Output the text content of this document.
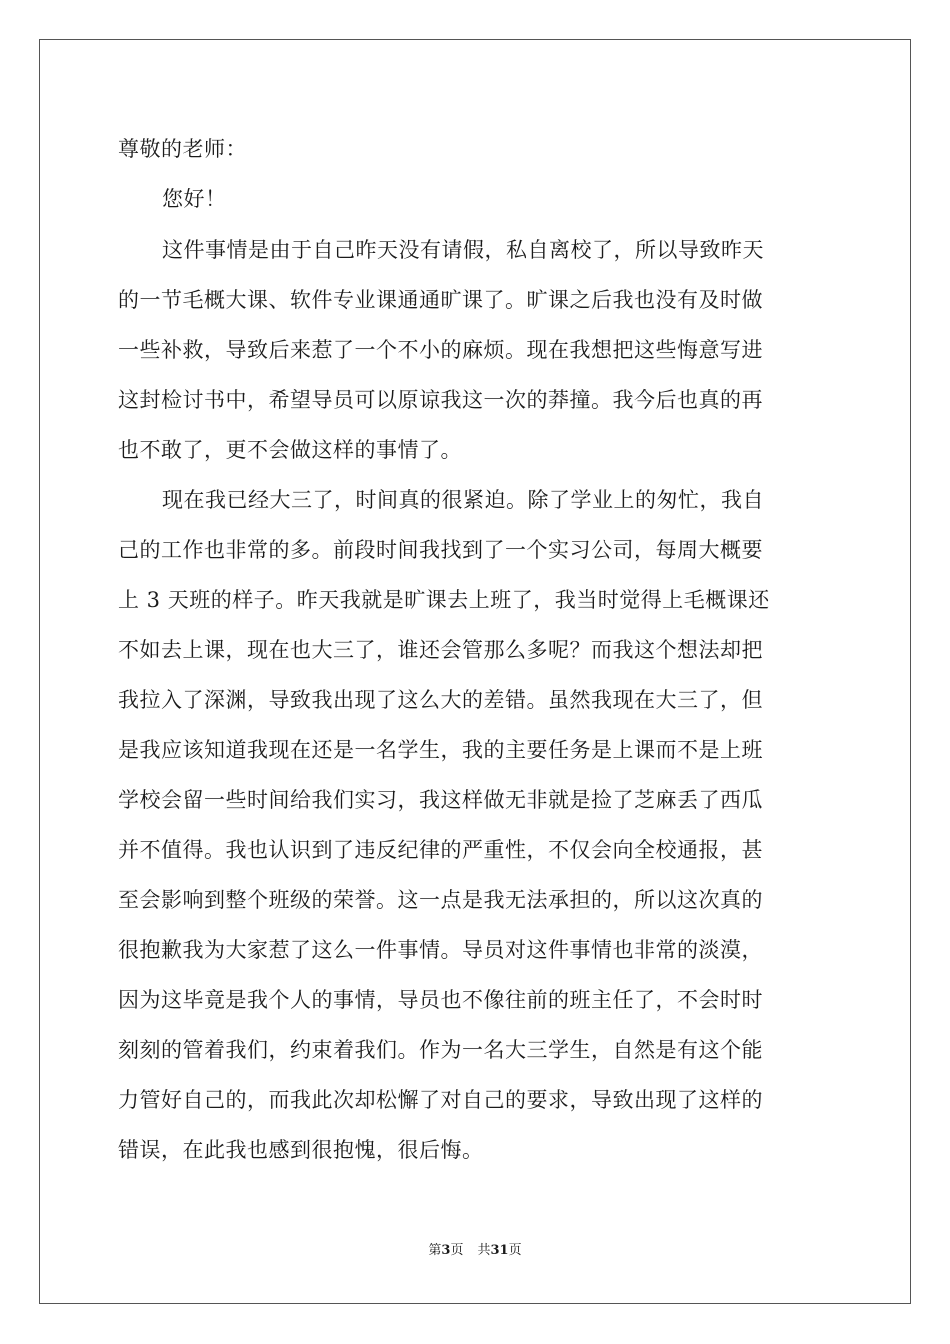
尊敬的老师：
您好！
这件事情是由于自己昨天没有请假，私自离校了，所以导致昨天
的一节毛概大课、软件专业课通通旷课了。旷课之后我也没有及时做
一些补救，导致后来惹了一个不小的麻烦。现在我想把这些悔意写进
这封检讨书中，希望导员可以原谅我这一次的莽撞。我今后也真的再
也不敢了，更不会做这样的事情了。
现在我已经大三了，时间真的很紧迫。除了学业上的匆忙，我自
己的工作也非常的多。前段时间我找到了一个实习公司，每周大概要
上 3 天班的样子。昨天我就是旷课去上班了，我当时觉得上毛概课还
不如去上课，现在也大三了，谁还会管那么多呢？而我这个想法却把
我拉入了深渊，导致我出现了这么大的差错。虽然我现在大三了，但
是我应该知道我现在还是一名学生，我的主要任务是上课而不是上班
学校会留一些时间给我们实习，我这样做无非就是捡了芝麻丢了西瓜
并不值得。我也认识到了违反纪律的严重性，不仅会向全校通报，甚
至会影响到整个班级的荣誉。这一点是我无法承担的，所以这次真的
很抱歉我为大家惹了这么一件事情。导员对这件事情也非常的淡漠，
因为这毕竟是我个人的事情，导员也不像往前的班主任了，不会时时
刻刻的管着我们，约束着我们。作为一名大三学生，自然是有这个能
力管好自己的，而我此次却松懈了对自己的要求，导致出现了这样的
错误，在此我也感到很抱愧，很后悔。
第3页 共31页
